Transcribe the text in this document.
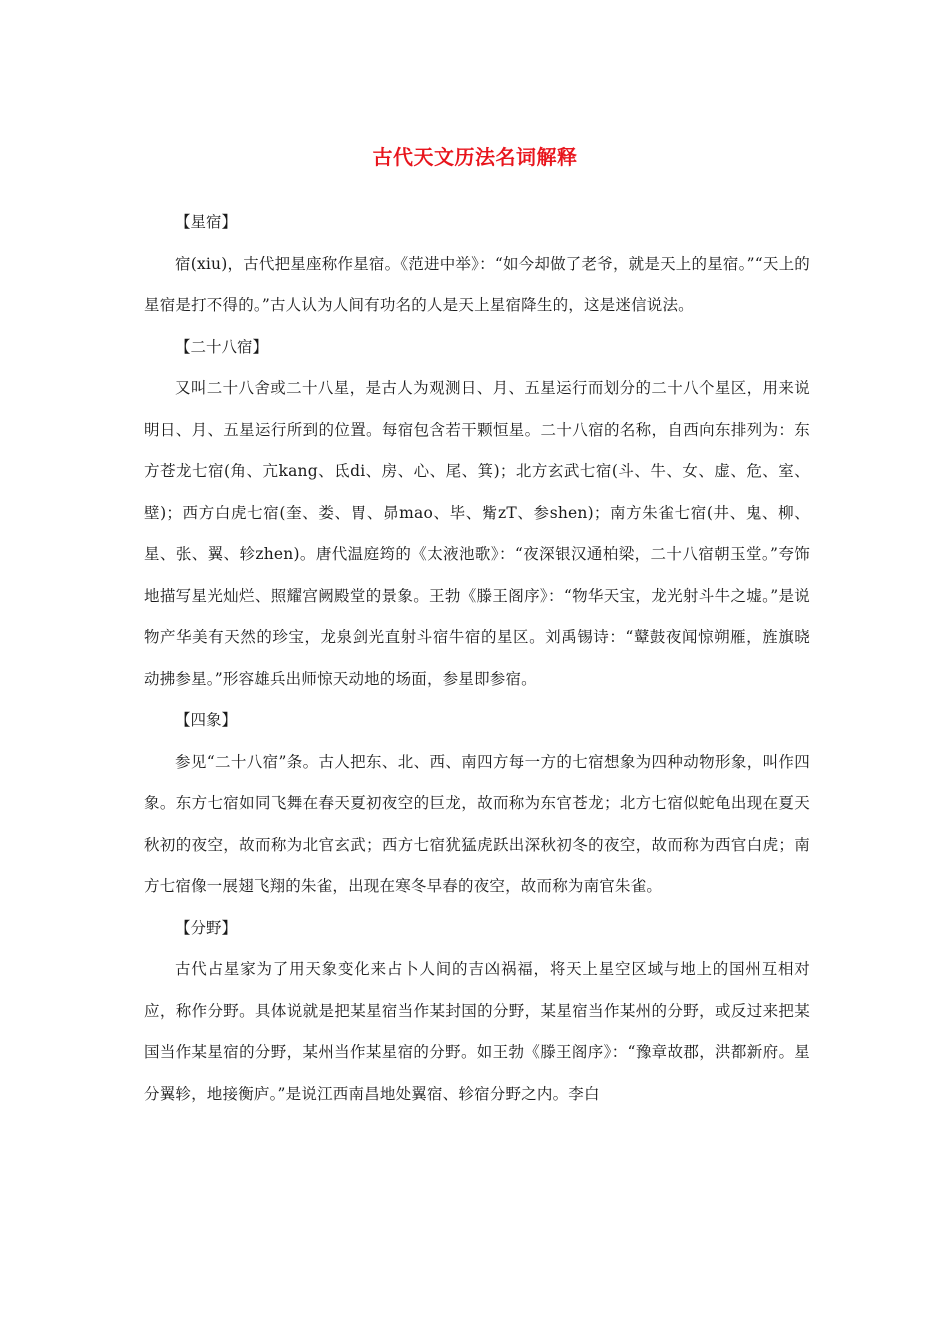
古代天文历法名词解释
【星宿】
宿(xiu)，古代把星座称作星宿。《范进中举》：“如今却做了老爷，就是天上的星宿。”“天上的星宿是打不得的。”古人认为人间有功名的人是天上星宿降生的，这是迷信说法。
【二十八宿】
又叫二十八舍或二十八星，是古人为观测日、月、五星运行而划分的二十八个星区，用来说明日、月、五星运行所到的位置。每宿包含若干颗恒星。二十八宿的名称，自西向东排列为：东方苍龙七宿(角、亢kang、氐di、房、心、尾、箕)；北方玄武七宿(斗、牛、女、虚、危、室、壁)；西方白虎七宿(奎、娄、胃、昴mao、毕、觜zT、参shen)；南方朱雀七宿(井、鬼、柳、星、张、翼、轸zhen)。唐代温庭筠的《太液池歌》：“夜深银汉通柏梁，二十八宿朝玉堂。”夸饰地描写星光灿烂、照耀宫阙殿堂的景象。王勃《滕王阁序》：“物华天宝，龙光射斗牛之墟。”是说物产华美有天然的珍宝，龙泉剑光直射斗宿牛宿的星区。刘禹锡诗：“鼙鼓夜闻惊朔雁，旌旗晓动拂参星。”形容雄兵出师惊天动地的场面，参星即参宿。
【四象】
参见“二十八宿”条。古人把东、北、西、南四方每一方的七宿想象为四种动物形象，叫作四象。东方七宿如同飞舞在春天夏初夜空的巨龙，故而称为东官苍龙；北方七宿似蛇龟出现在夏天秋初的夜空，故而称为北官玄武；西方七宿犹猛虎跃出深秋初冬的夜空，故而称为西官白虎；南方七宿像一展翅飞翔的朱雀，出现在寒冬早春的夜空，故而称为南官朱雀。
【分野】
古代占星家为了用天象变化来占卜人间的吉凶祸福，将天上星空区域与地上的国州互相对应，称作分野。具体说就是把某星宿当作某封国的分野，某星宿当作某州的分野，或反过来把某国当作某星宿的分野，某州当作某星宿的分野。如王勃《滕王阁序》：“豫章故郡，洪都新府。星分翼轸，地接衡庐。”是说江西南昌地处翼宿、轸宿分野之内。李白
